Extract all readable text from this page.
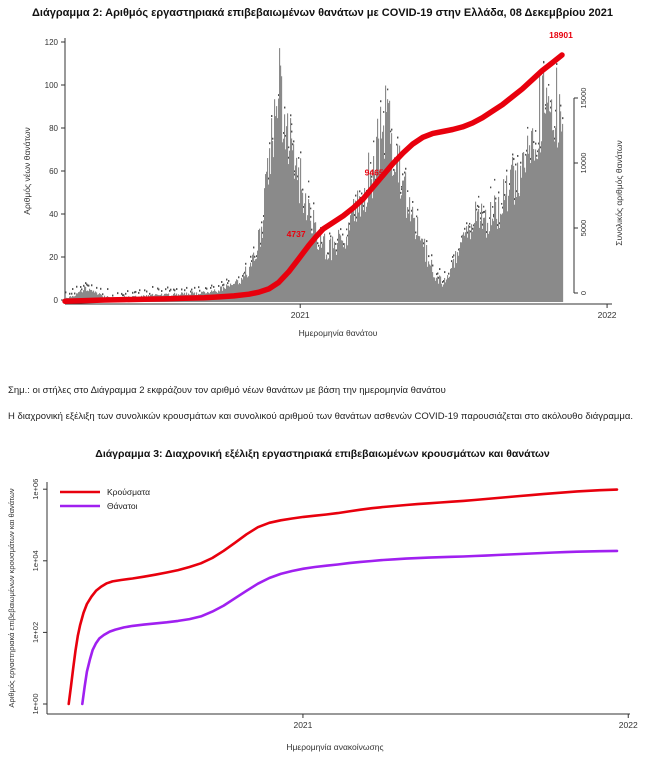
Διάγραμμα 2: Αριθμός εργαστηριακά επιβεβαιωμένων θανάτων με COVID-19 στην Ελλάδα, 08 Δεκεμβρίου 2021
0
20
40
60
80
100
120
Αριθμός νέων θανάτων
2021	2022
Ημερομηνία θανάτου
0
5000
10000
15000
Συνολικός αριθμός θανάτων
4737
9465
18901

Σημ.: οι στήλες στο Διάγραμμα 2 εκφράζουν τον αριθμό νέων θανάτων με βάση την ημερομηνία θανάτου

Η διαχρονική εξέλιξη των συνολικών κρουσμάτων και συνολικού αριθμού των θανάτων ασθενών COVID-19 παρουσιάζεται στο ακόλουθο διάγραμμα.

Διάγραμμα 3: Διαχρονική εξέλιξη εργαστηριακά επιβεβαιωμένων κρουσμάτων και θανάτων
1e+00
1e+02
1e+04
1e+06
Αριθμός εργαστηριακά επιβεβαιωμένων κρουσμάτων και θανάτων
2021	2022
Ημερομηνία ανακοίνωσης
Κρούσματα
Θάνατοι
